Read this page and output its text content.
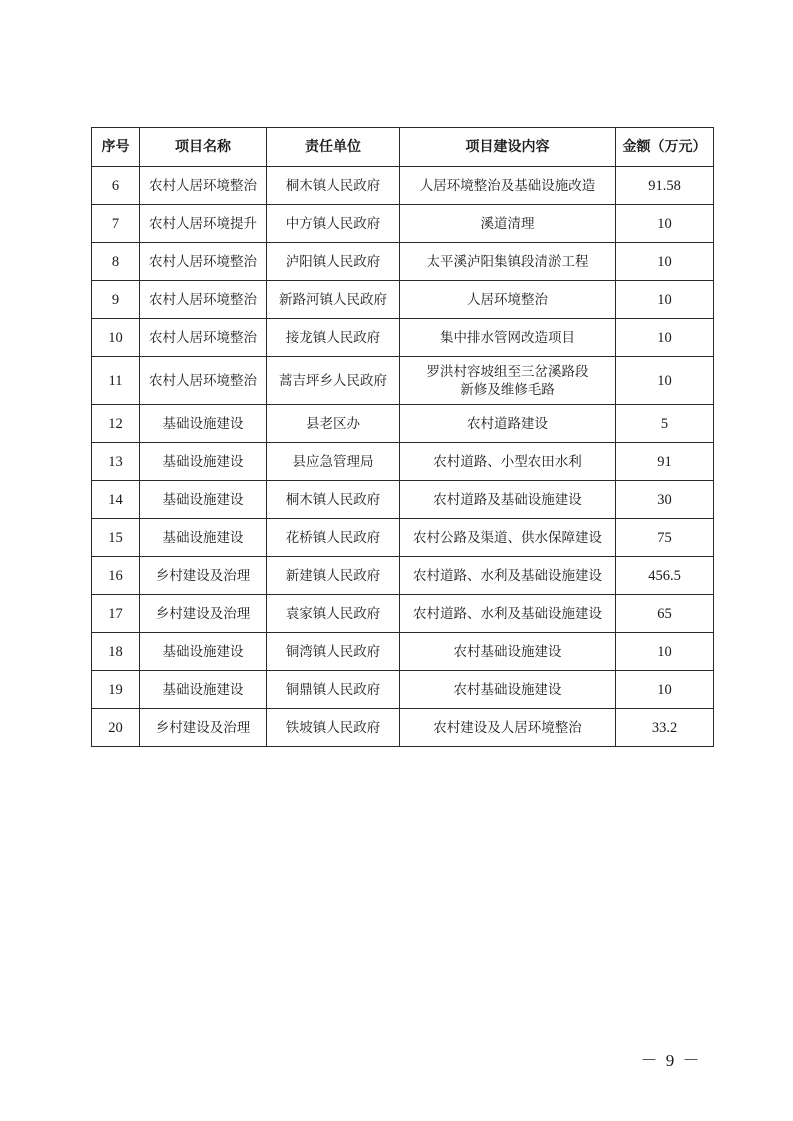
序号	项目名称	责任单位	项目建设内容	金额（万元）
6	农村人居环境整治	桐木镇人民政府	人居环境整治及基础设施改造	91.58
7	农村人居环境提升	中方镇人民政府	溪道清理	10
8	农村人居环境整治	泸阳镇人民政府	太平溪泸阳集镇段清淤工程	10
9	农村人居环境整治	新路河镇人民政府	人居环境整治	10
10	农村人居环境整治	接龙镇人民政府	集中排水管网改造项目	10
11	农村人居环境整治	蒿吉坪乡人民政府	罗洪村容坡组至三岔溪路段
新修及维修毛路	10
12	基础设施建设	县老区办	农村道路建设	5
13	基础设施建设	县应急管理局	农村道路、小型农田水利	91
14	基础设施建设	桐木镇人民政府	农村道路及基础设施建设	30
15	基础设施建设	花桥镇人民政府	农村公路及渠道、供水保障建设	75
16	乡村建设及治理	新建镇人民政府	农村道路、水利及基础设施建设	456.5
17	乡村建设及治理	袁家镇人民政府	农村道路、水利及基础设施建设	65
18	基础设施建设	铜湾镇人民政府	农村基础设施建设	10
19	基础设施建设	铜鼎镇人民政府	农村基础设施建设	10
20	乡村建设及治理	铁坡镇人民政府	农村建设及人居环境整治	33.2
－ 9 －
